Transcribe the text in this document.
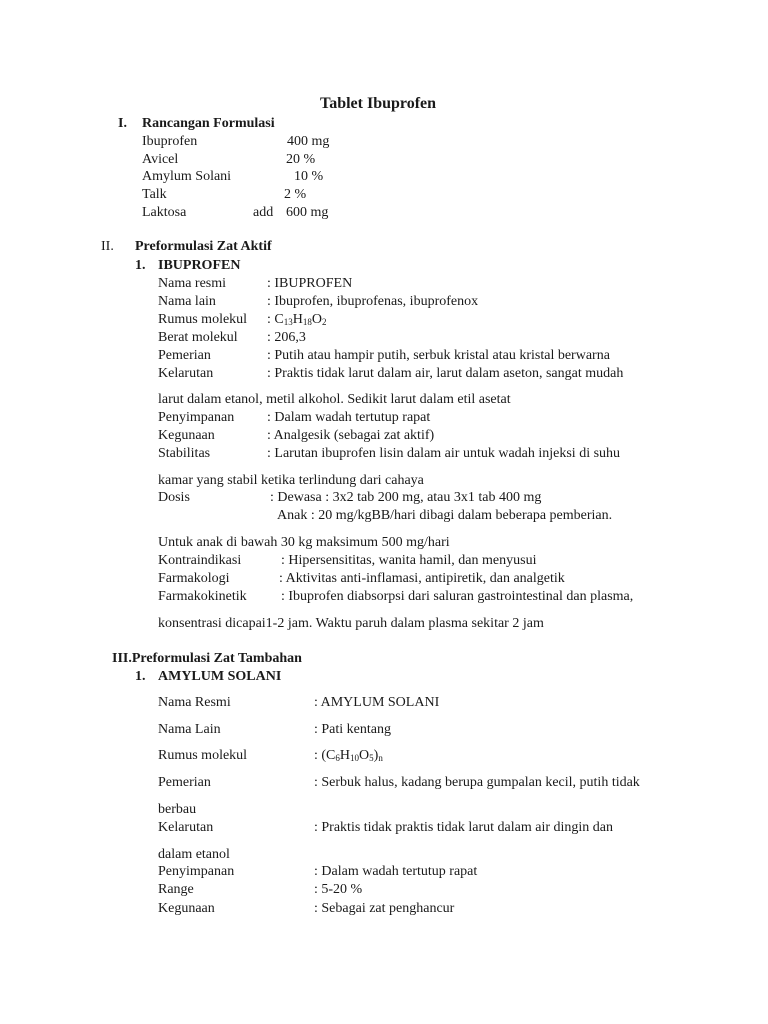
Tablet Ibuprofen
I. Rancangan Formulasi
Ibuprofen	400 mg
Avicel	20 %
Amylum Solani	10 %
Talk	2 %
Laktosa	add 600 mg
II. Preformulasi Zat Aktif
1. IBUPROFEN
Nama resmi	: IBUPROFEN
Nama lain	: Ibuprofen, ibuprofenas, ibuprofenox
Rumus molekul : $C_{13}H_{18}O_2$
Berat molekul : 206,3
Pemerian	: Putih atau hampir putih, serbuk kristal atau kristal berwarna
Kelarutan	: Praktis tidak larut dalam air, larut dalam aseton, sangat mudah
larut dalam etanol, metil alkohol. Sedikit larut dalam etil asetat
Penyimpanan : Dalam wadah tertutup rapat
Kegunaan	: Analgesik (sebagai zat aktif)
Stabilitas	: Larutan ibuprofen lisin dalam air untuk wadah injeksi di suhu
kamar yang stabil ketika terlindung dari cahaya
Dosis	: Dewasa : 3x2 tab 200 mg, atau 3x1 tab 400 mg
Anak : 20 mg/kgBB/hari dibagi dalam beberapa pemberian.
Untuk anak di bawah 30 kg maksimum 500 mg/hari
Kontraindikasi	: Hipersensititas, wanita hamil, dan menyusui
Farmakologi	: Aktivitas anti-inflamasi, antipiretik, dan analgetik
Farmakokinetik : Ibuprofen diabsorpsi dari saluran gastrointestinal dan plasma,
konsentrasi dicapai1-2 jam. Waktu paruh dalam plasma sekitar 2 jam
III.Preformulasi Zat Tambahan
1. AMYLUM SOLANI
Nama Resmi	: AMYLUM SOLANI
Nama Lain	: Pati kentang
Rumus molekul	: $(C_6H_{10}O_5)_n$
Pemerian	: Serbuk halus, kadang berupa gumpalan kecil, putih tidak
berbau
Kelarutan	: Praktis tidak praktis tidak larut dalam air dingin dan
dalam etanol
Penyimpanan	: Dalam wadah tertutup rapat
Range	: 5-20 %
Kegunaan	: Sebagai zat penghancur
